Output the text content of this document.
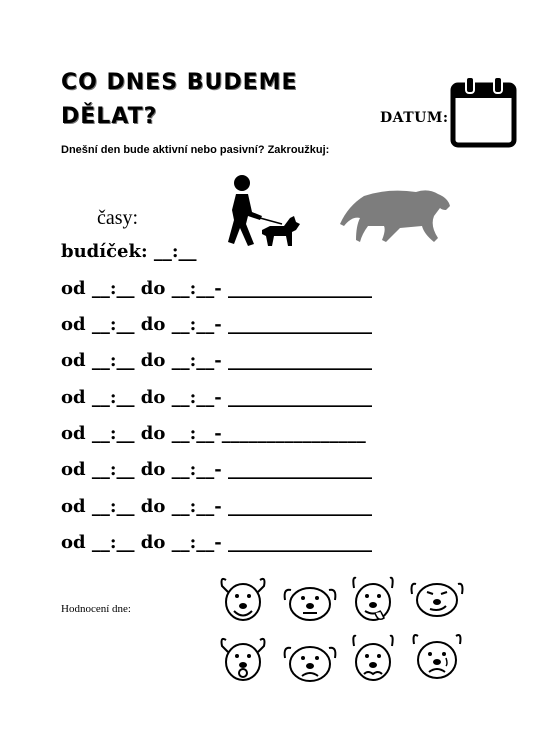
CO DNES BUDEME
DĚLAT?	DATUM:
Dnešní den bude aktivní nebo pasivní? Zakroužkuj:
časy:
budíček: __:__
od __:__ do __:__- ________________
od __:__ do __:__- ________________
od __:__ do __:__- ________________
od __:__ do __:__- ________________
od __:__ do __:__-________________
od __:__ do __:__- ________________
od __:__ do __:__- ________________
od __:__ do __:__- ________________
Hodnocení dne:
